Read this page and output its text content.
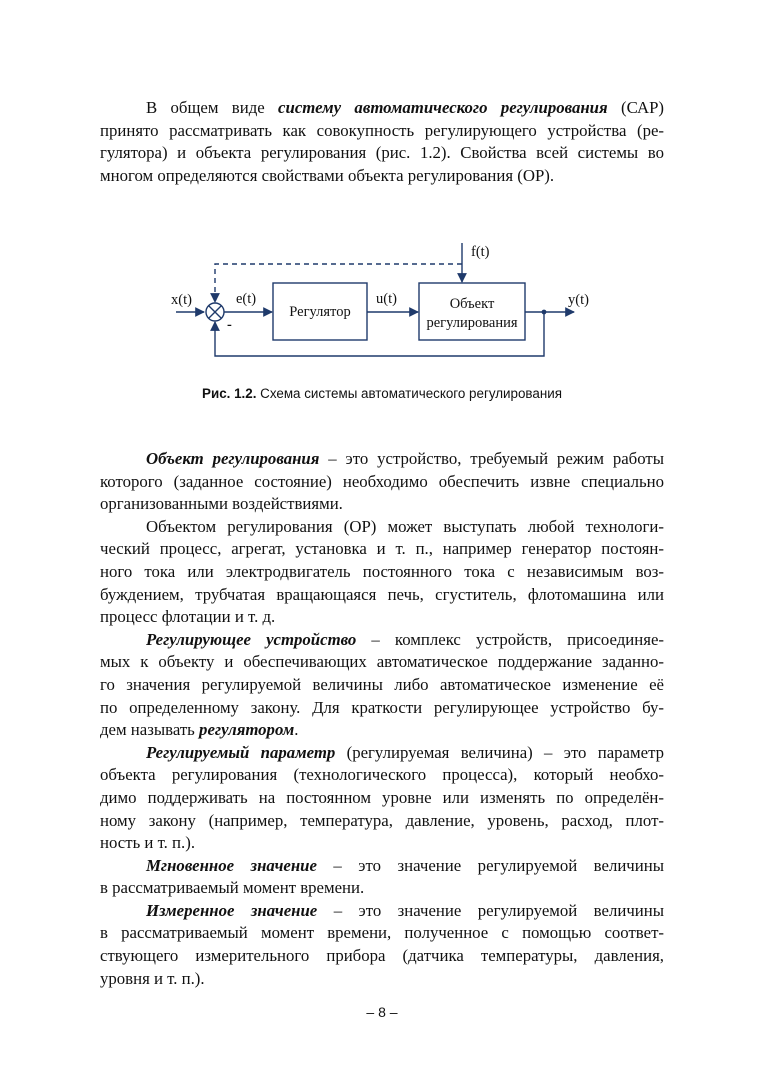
В общем виде систему автоматического регулирования (САР)
принято рассматривать как совокупность регулирующего устройства (ре-
гулятора) и объекта регулирования (рис. 1.2). Свойства всей системы во
многом определяются свойствами объекта регулирования (ОР).
x(t)	e(t)
-
Регулятор
u(t)	Объект
регулирования
f(t)
y(t)
Рис. 1.2. Схема системы автоматического регулирования
Объект регулирования – это устройство, требуемый режим работы
которого (заданное состояние) необходимо обеспечить извне специально
организованными воздействиями.
Объектом регулирования (ОР) может выступать любой технологи-
ческий процесс, агрегат, установка и т. п., например генератор постоян-
ного тока или электродвигатель постоянного тока с независимым воз-
буждением, трубчатая вращающаяся печь, сгуститель, флотомашина или
процесс флотации и т. д.
Регулирующее устройство – комплекс устройств, присоединяе-
мых к объекту и обеспечивающих автоматическое поддержание заданно-
го значения регулируемой величины либо автоматическое изменение её
по определенному закону. Для краткости регулирующее устройство бу-
дем называть регулятором.
Регулируемый параметр (регулируемая величина) – это параметр
объекта регулирования (технологического процесса), который необхо-
димо поддерживать на постоянном уровне или изменять по определён-
ному закону (например, температура, давление, уровень, расход, плот-
ность и т. п.).
Мгновенное значение – это значение регулируемой величины
в рассматриваемый момент времени.
Измеренное значение – это значение регулируемой величины
в рассматриваемый момент времени, полученное с помощью соответ-
ствующего измерительного прибора (датчика температуры, давления,
уровня и т. п.).
– 8 –
